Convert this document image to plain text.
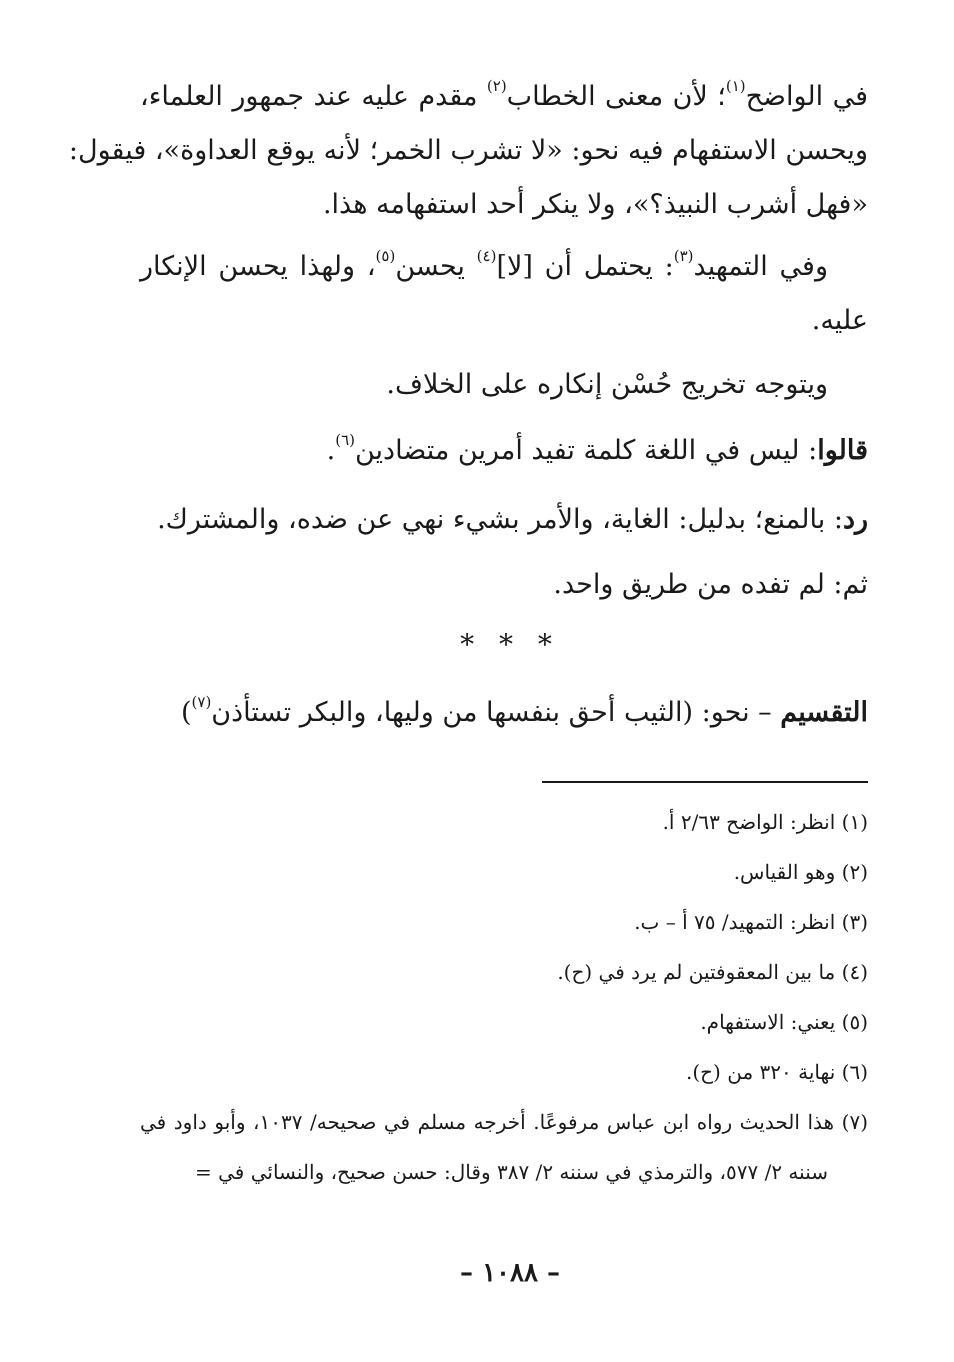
في الواضح$^{(١)}$؛ لأن معنى الخطاب$^{(٢)}$ مقدم عليه عند جمهور العلماء،
ويحسن الاستفهام فيه نحو: «لا تشرب الخمر؛ لأنه يوقع العداوة»، فيقول:
«فهل أشرب النبيذ؟»، ولا ينكر أحد استفهامه هذا.

وفي التمهيد$^{(٣)}$: يحتمل أن [لا]$^{(٤)}$ يحسن$^{(٥)}$، ولهذا يحسن الإنكار
عليه.

ويتوجه تخريج حُسْن إنكاره على الخلاف.

قالوا: ليس في اللغة كلمة تفيد أمرين متضادين$^{(٦)}$.

رد: بالمنع؛ بدليل: الغاية، والأمر بشيء نهي عن ضده، والمشترك.

ثم: لم تفده من طريق واحد.

* * *

التقسيم – نحو: (الثيب أحق بنفسها من وليها، والبكر تستأذن$^{(٧)}$)

(١) انظر: الواضح ٢/٦٣ أ.
(٢) وهو القياس.
(٣) انظر: التمهيد/ ٧٥ أ – ب.
(٤) ما بين المعقوفتين لم يرد في (ح).
(٥) يعني: الاستفهام.
(٦) نهاية ٣٢٠ من (ح).
(٧) هذا الحديث رواه ابن عباس مرفوعًا. أخرجه مسلم في صحيحه/ ١٠٣٧، وأبو داود في
سننه ٢/ ٥٧٧، والترمذي في سننه ٢/ ٣٨٧ وقال: حسن صحيح، والنسائي في =
– ١٠٨٨ –
